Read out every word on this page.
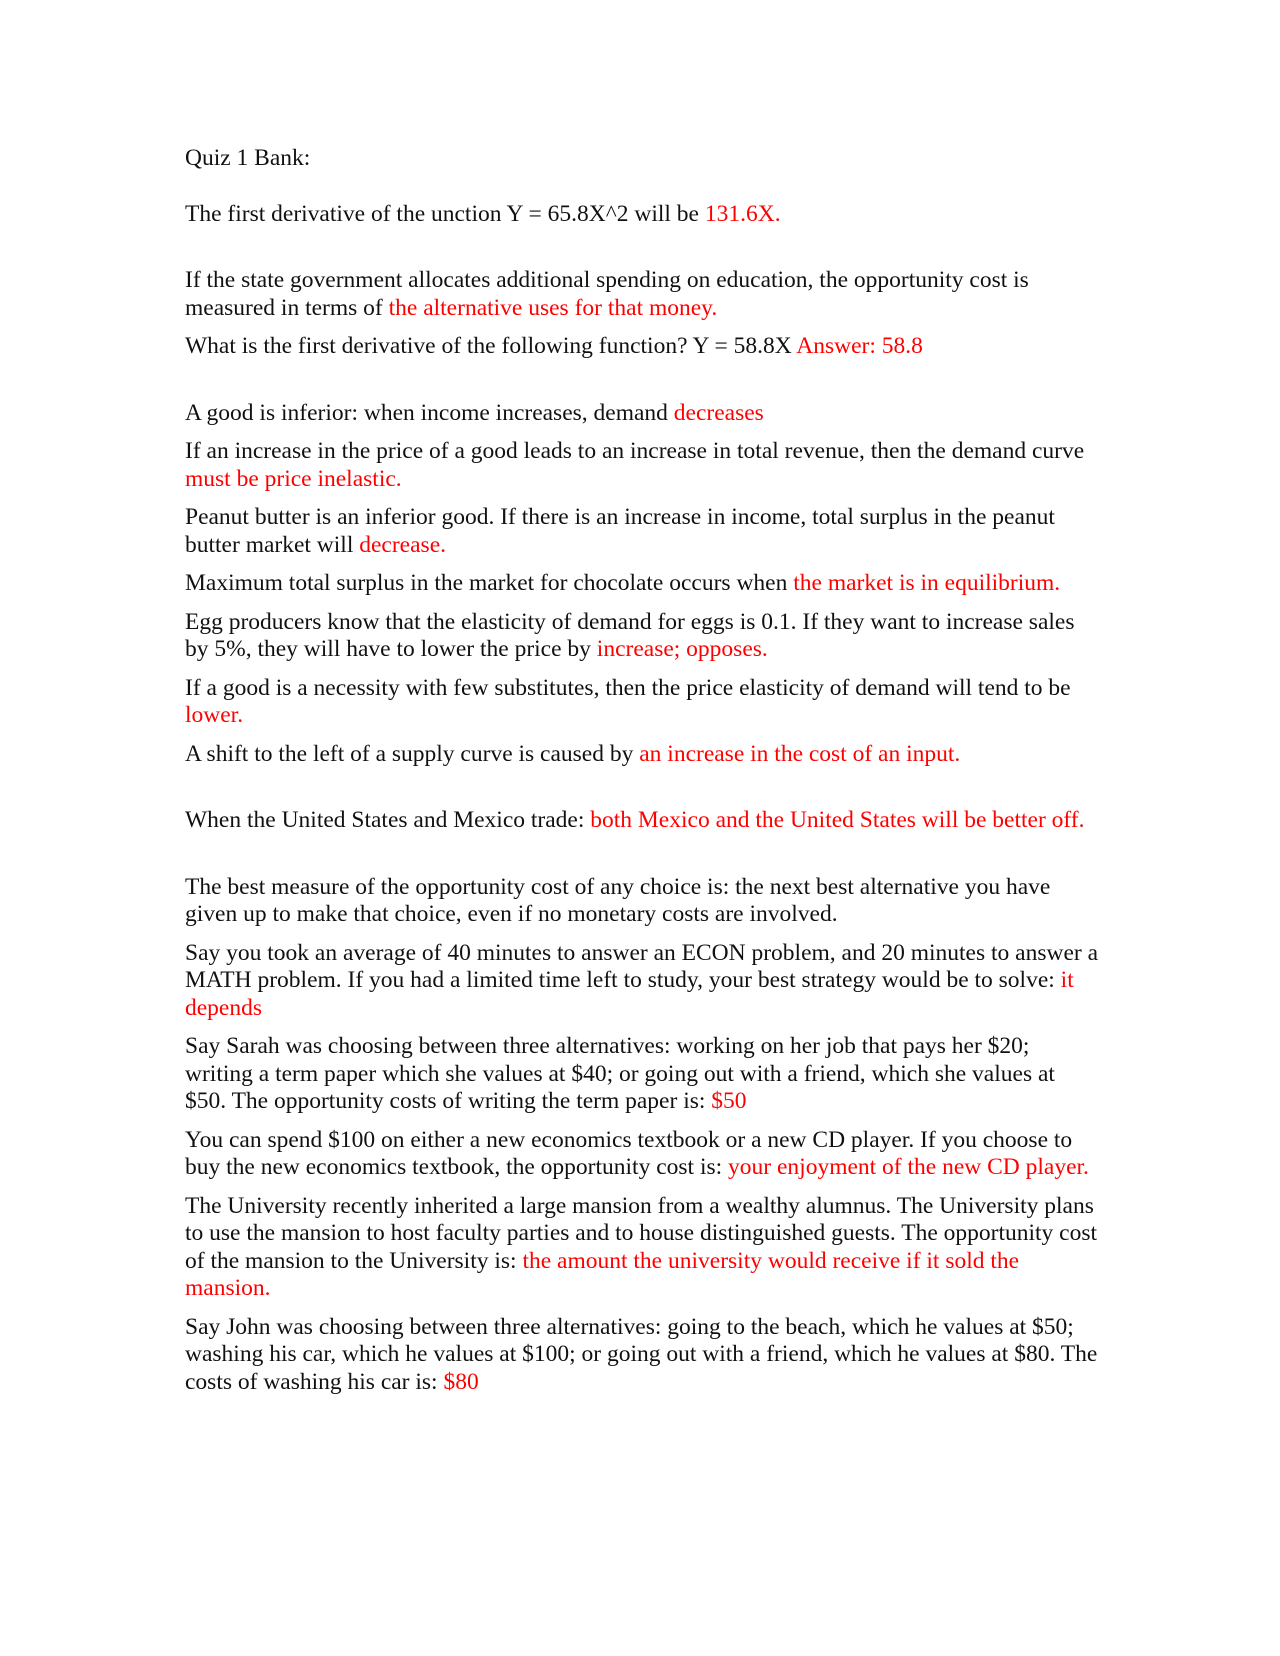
Quiz 1 Bank:

The first derivative of the unction Y = 65.8X^2 will be 131.6X.

If the state government allocates additional spending on education, the opportunity cost is measured in terms of the alternative uses for that money.

What is the first derivative of the following function? Y = 58.8X Answer: 58.8

A good is inferior: when income increases, demand decreases

If an increase in the price of a good leads to an increase in total revenue, then the demand curve must be price inelastic.

Peanut butter is an inferior good. If there is an increase in income, total surplus in the peanut butter market will decrease.

Maximum total surplus in the market for chocolate occurs when the market is in equilibrium.

Egg producers know that the elasticity of demand for eggs is 0.1. If they want to increase sales by 5%, they will have to lower the price by increase; opposes.

If a good is a necessity with few substitutes, then the price elasticity of demand will tend to be lower.

A shift to the left of a supply curve is caused by an increase in the cost of an input.

When the United States and Mexico trade: both Mexico and the United States will be better off.

The best measure of the opportunity cost of any choice is: the next best alternative you have given up to make that choice, even if no monetary costs are involved.

Say you took an average of 40 minutes to answer an ECON problem, and 20 minutes to answer a MATH problem. If you had a limited time left to study, your best strategy would be to solve: it depends

Say Sarah was choosing between three alternatives: working on her job that pays her $20; writing a term paper which she values at $40; or going out with a friend, which she values at $50. The opportunity costs of writing the term paper is: $50

You can spend $100 on either a new economics textbook or a new CD player. If you choose to buy the new economics textbook, the opportunity cost is: your enjoyment of the new CD player.

The University recently inherited a large mansion from a wealthy alumnus. The University plans to use the mansion to host faculty parties and to house distinguished guests. The opportunity cost of the mansion to the University is: the amount the university would receive if it sold the mansion.

Say John was choosing between three alternatives: going to the beach, which he values at $50; washing his car, which he values at $100; or going out with a friend, which he values at $80. The costs of washing his car is: $80
